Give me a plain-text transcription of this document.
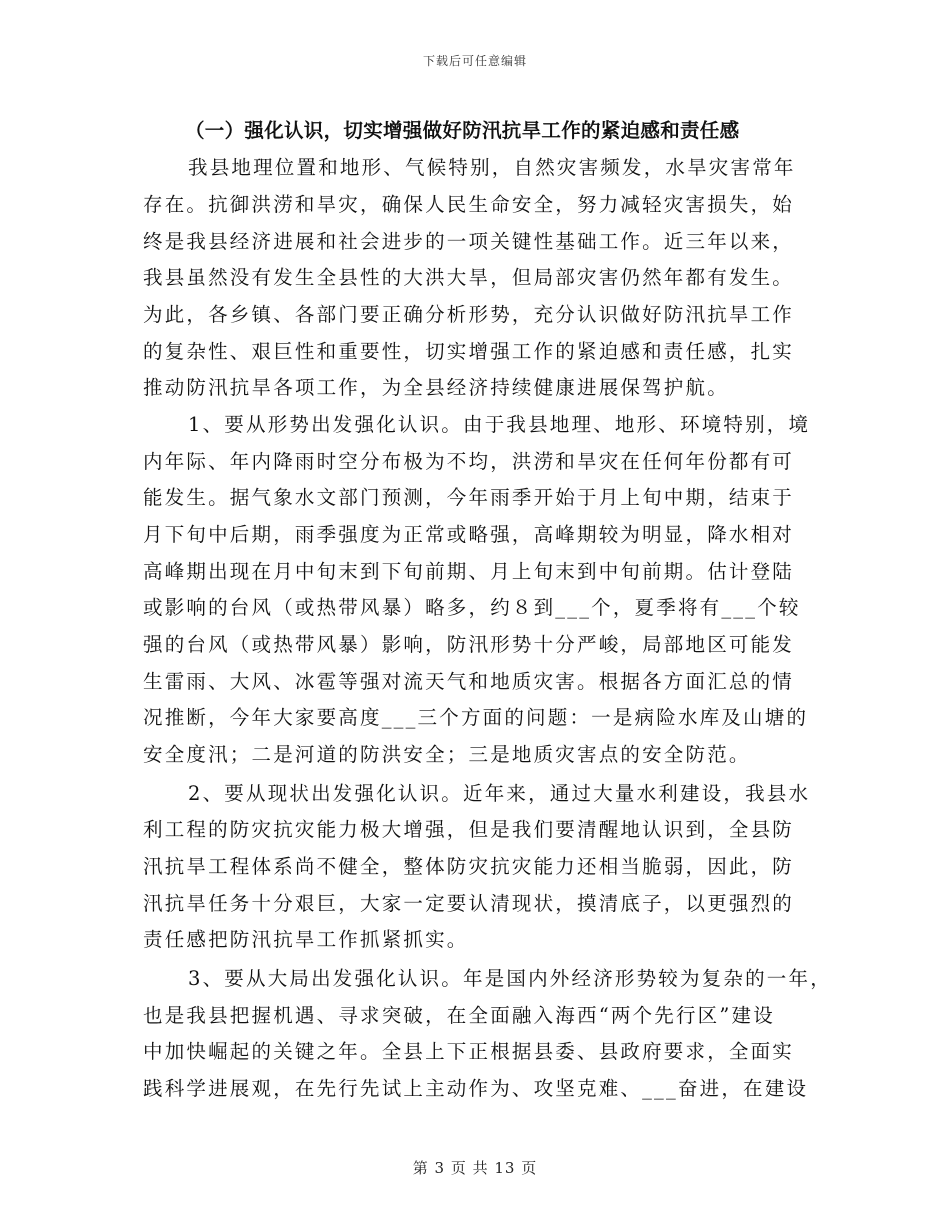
下载后可任意编辑
（一）强化认识，切实增强做好防汛抗旱工作的紧迫感和责任感
我县地理位置和地形、气候特别，自然灾害频发，水旱灾害常年
存在。抗御洪涝和旱灾，确保人民生命安全，努力减轻灾害损失，始
终是我县经济进展和社会进步的一项关键性基础工作。近三年以来，
我县虽然没有发生全县性的大洪大旱，但局部灾害仍然年都有发生。
为此，各乡镇、各部门要正确分析形势，充分认识做好防汛抗旱工作
的复杂性、艰巨性和重要性，切实增强工作的紧迫感和责任感，扎实
推动防汛抗旱各项工作，为全县经济持续健康进展保驾护航。
1、要从形势出发强化认识。由于我县地理、地形、环境特别，境
内年际、年内降雨时空分布极为不均，洪涝和旱灾在任何年份都有可
能发生。据气象水文部门预测，今年雨季开始于月上旬中期，结束于
月下旬中后期，雨季强度为正常或略强，高峰期较为明显，降水相对
高峰期出现在月中旬末到下旬前期、月上旬末到中旬前期。估计登陆
或影响的台风（或热带风暴）略多，约８到___个，夏季将有___个较
强的台风（或热带风暴）影响，防汛形势十分严峻，局部地区可能发
生雷雨、大风、冰雹等强对流天气和地质灾害。根据各方面汇总的情
况推断，今年大家要高度___三个方面的问题：一是病险水库及山塘的
安全度汛；二是河道的防洪安全；三是地质灾害点的安全防范。
2、要从现状出发强化认识。近年来，通过大量水利建设，我县水
利工程的防灾抗灾能力极大增强，但是我们要清醒地认识到，全县防
汛抗旱工程体系尚不健全，整体防灾抗灾能力还相当脆弱，因此，防
汛抗旱任务十分艰巨，大家一定要认清现状，摸清底子，以更强烈的
责任感把防汛抗旱工作抓紧抓实。
3、要从大局出发强化认识。年是国内外经济形势较为复杂的一年，
也是我县把握机遇、寻求突破，在全面融入海西“两个先行区”建设
中加快崛起的关键之年。全县上下正根据县委、县政府要求，全面实
践科学进展观，在先行先试上主动作为、攻坚克难、___奋进，在建设
第 3 页 共 13 页
